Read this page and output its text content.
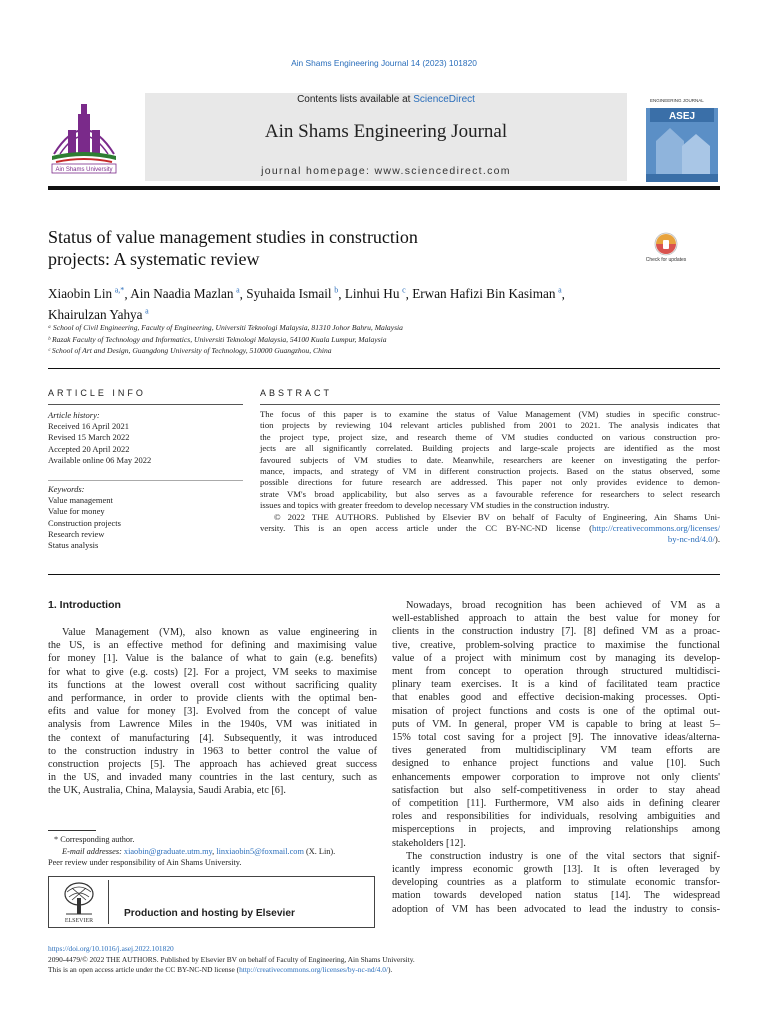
Ain Shams Engineering Journal 14 (2023) 101820
Contents lists available at ScienceDirect
Ain Shams Engineering Journal
journal homepage: www.sciencedirect.com
Ain Shams University
ENGINEERING JOURNAL
ASEJ
Status of value management studies in construction
projects: A systematic review	Check for updates
Xiaobin Lin  $^{a,*}$, Ain Naadia Mazlan  $^a$, Syuhaida Ismail  $^b$, Linhui Hu  $^c$, Erwan Hafizi Bin Kasiman  $^a$,
Khairulzan Yahya  $^a$
ᵃ School of Civil Engineering, Faculty of Engineering, Universiti Teknologi Malaysia, 81310 Johor Bahru, Malaysia
ᵇ Razak Faculty of Technology and Informatics, Universiti Teknologi Malaysia, 54100 Kuala Lumpur, Malaysia
ᶜ School of Art and Design, Guangdong University of Technology, 510000 Guangzhou, China
ARTICLE INFO	ABSTRACT
Article history:
Received 16 April 2021
Revised 15 March 2022
Accepted 20 April 2022
Available online 06 May 2022
Keywords:
Value management
Value for money
Construction projects
Research review
Status analysis
The focus of this paper is to examine the status of Value Management (VM) studies in specific construc-
tion projects by reviewing 104 relevant articles published from 2001 to 2021. The analysis indicates that
the project type, project size, and research theme of VM studies conducted on various construction pro-
jects are all significantly correlated. Building projects and large-scale projects are identified as the most
favoured subjects of VM studies to date. Meanwhile, researchers are keener on investigating the perfor-
mance, impacts, and strategy of VM in different construction projects. Based on the status observed, some
possible directions for future research are addressed. This paper not only provides evidence to demon-
strate VM's broad applicability, but also serves as a favourable reference for researchers to select research
issues and topics with greater freedom to develop necessary VM studies in the construction industry.
© 2022 THE AUTHORS. Published by Elsevier BV on behalf of Faculty of Engineering, Ain Shams Uni-
versity. This is an open access article under the CC BY-NC-ND license (http://creativecommons.org/licenses/
by-nc-nd/4.0/).
1. Introduction
Value Management (VM), also known as value engineering in
the US, is an effective method for defining and maximising value
for money [1]. Value is the balance of what to gain (e.g. benefits)
for what to give (e.g. costs) [2]. For a project, VM seeks to maximise
its functions at the lowest overall cost without sacrificing quality
and performance, in order to provide clients with the optimal ben-
efits and value for money [3]. Evolved from the concept of value
analysis from Lawrence Miles in the 1940s, VM was initiated in
the context of manufacturing [4]. Subsequently, it was introduced
to the construction industry in 1963 to better control the value of
construction projects [5]. The approach has achieved great success
in the US, and invaded many countries in the last century, such as
the UK, Australia, China, Malaysia, Saudi Arabia, etc [6].
Nowadays, broad recognition has been achieved of VM as a
well-established approach to attain the best value for money for
clients in the construction industry [7]. [8] defined VM as a proac-
tive, creative, problem-solving practice to maximise the functional
value of a project with minimum cost by managing its develop-
ment from concept to operation through structured multidisci-
plinary team exercises. It is a kind of facilitated team practice
that enables good and effective decision-making processes. Opti-
misation of project functions and costs is one of the optimal out-
puts of VM. In general, proper VM is capable to bring at least 5–
15% total cost saving for a project [9]. The innovative ideas/alterna-
tives generated from multidisciplinary VM team efforts are
designed to enhance project functions and value [10]. Such
enhancements empower corporation to improve not only clients'
satisfaction but also self-competitiveness in order to stay ahead
of competition [11]. Furthermore, VM also aids in defining clearer
roles and responsibilities for individuals, resolving ambiguities and
misperceptions in projects, and improving relationships among
stakeholders [12].
The construction industry is one of the vital sectors that signif-
icantly impress economic growth [13]. It is often leveraged by
developing countries as a platform to stimulate economic transfor-
mation towards developed nation status [14]. The widespread
adoption of VM has been advocated to lead the industry to consis-
* Corresponding author.
E-mail addresses: xiaobin@graduate.utm.my, linxiaobin5@foxmail.com (X. Lin).
Peer review under responsibility of Ain Shams University.
ELSEVIER
Production and hosting by Elsevier
https://doi.org/10.1016/j.asej.2022.101820
2090-4479/© 2022 THE AUTHORS. Published by Elsevier BV on behalf of Faculty of Engineering, Ain Shams University.
This is an open access article under the CC BY-NC-ND license (http://creativecommons.org/licenses/by-nc-nd/4.0/).
